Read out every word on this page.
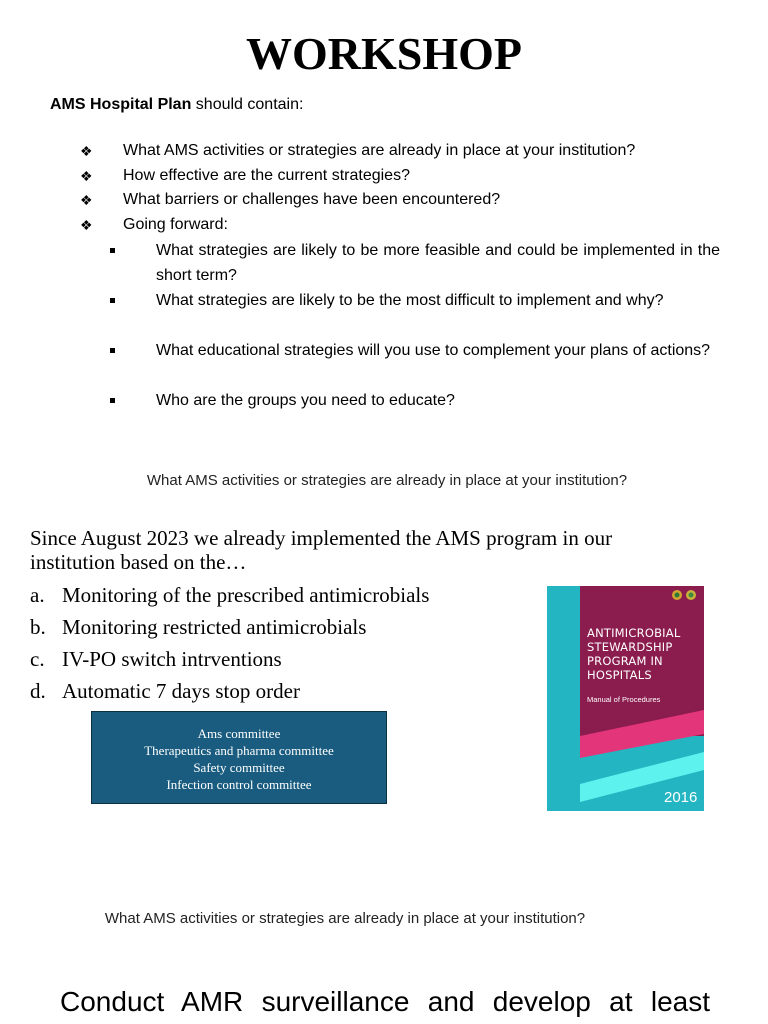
WORKSHOP
AMS Hospital Plan should contain:
❖ What AMS activities or strategies are already in place at your institution?
❖ How effective are the current strategies?
❖ What barriers or challenges have been encountered?
❖ Going forward:
What strategies are likely to be more feasible and could be implemented in the short term?
What strategies are likely to be the most difficult to implement and why?
What educational strategies will you use to complement your plans of actions?
Who are the groups you need to educate?
What AMS activities or strategies are already in place at your institution?
Since August 2023 we already implemented the AMS program in our institution based on the…
a. Monitoring of the prescribed antimicrobials
b. Monitoring restricted antimicrobials
c. IV-PO switch intrventions
d. Automatic 7 days stop order
Ams committee
Therapeutics and pharma committee
Safety committee
Infection control committee
ANTIMICROBIAL STEWARDSHIP PROGRAM IN HOSPITALS
Manual of Procedures
2016
What AMS activities or strategies are already in place at your institution?
Conduct AMR surveillance and develop at least
